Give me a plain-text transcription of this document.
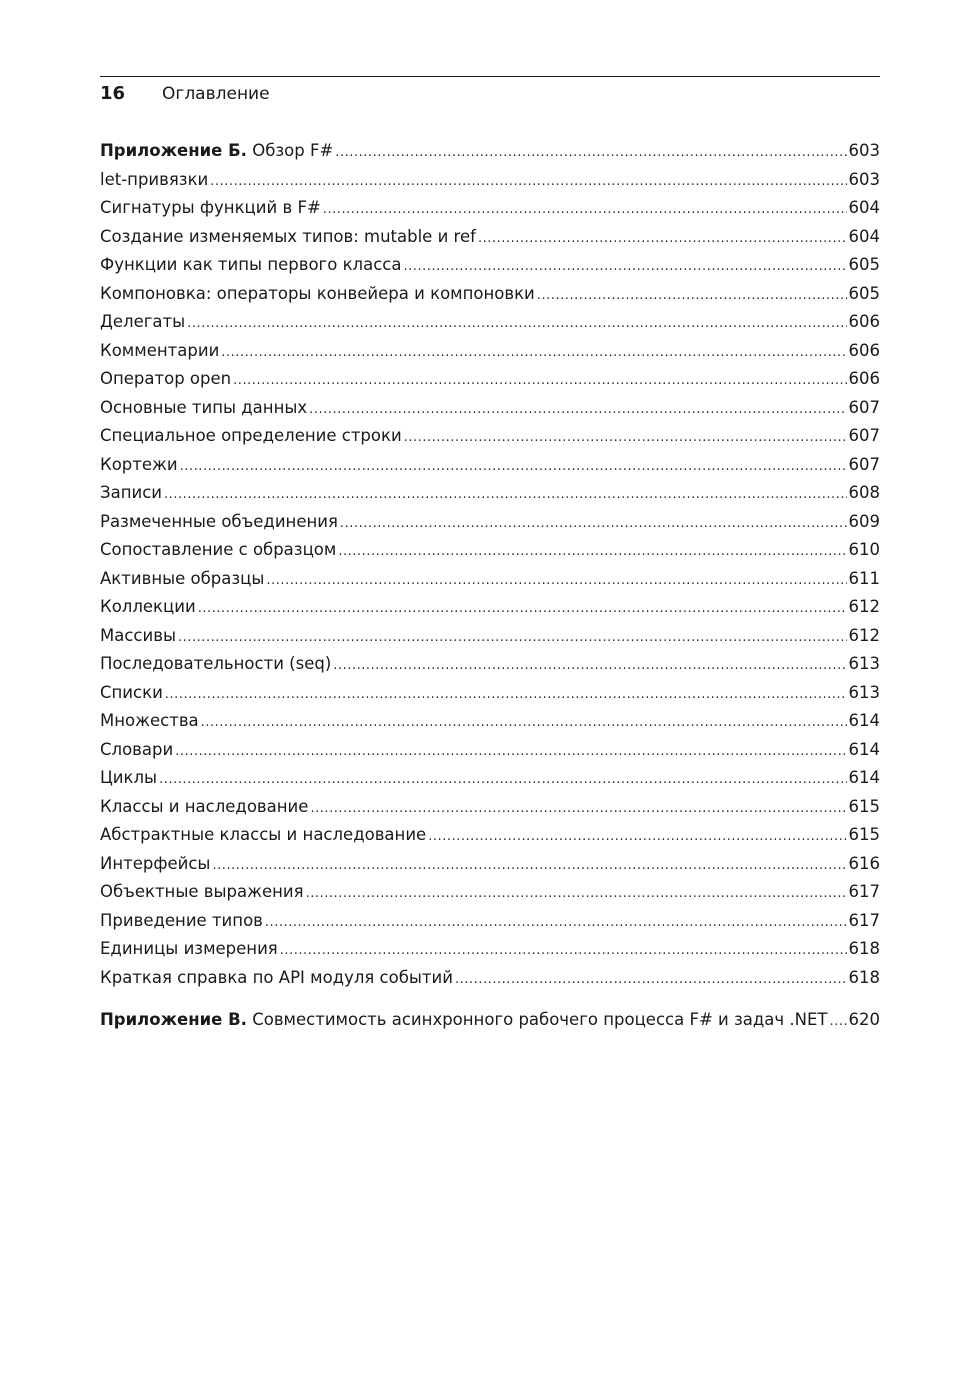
16 Оглавление
Приложение Б. Обзор F# . . .	603
let-привязки . . .	603
Сигнатуры функций в F# . . .	604
Создание изменяемых типов: mutable и ref . . .	604
Функции как типы первого класса . . .	605
Компоновка: операторы конвейера и компоновки . . .	605
Делегаты . . .	606
Комментарии . . .	606
Оператор open . . .	606
Основные типы данных . . .	607
Специальное определение строки . . .	607
Кортежи . . .	607
Записи . . .	608
Размеченные объединения . . .	609
Сопоставление с образцом . . .	610
Активные образцы . . .	611
Коллекции . . .	612
Массивы . . .	612
Последовательности (seq) . . .	613
Списки . . .	613
Множества . . .	614
Словари . . .	614
Циклы . . .	614
Классы и наследование . . .	615
Абстрактные классы и наследование . . .	615
Интерфейсы . . .	616
Объектные выражения . . .	617
Приведение типов . . .	617
Единицы измерения . . .	618
Краткая справка по API модуля событий . . .	618
Приложение В. Совместимость асинхронного рабочего процесса F# и задач .NET . . . 620
